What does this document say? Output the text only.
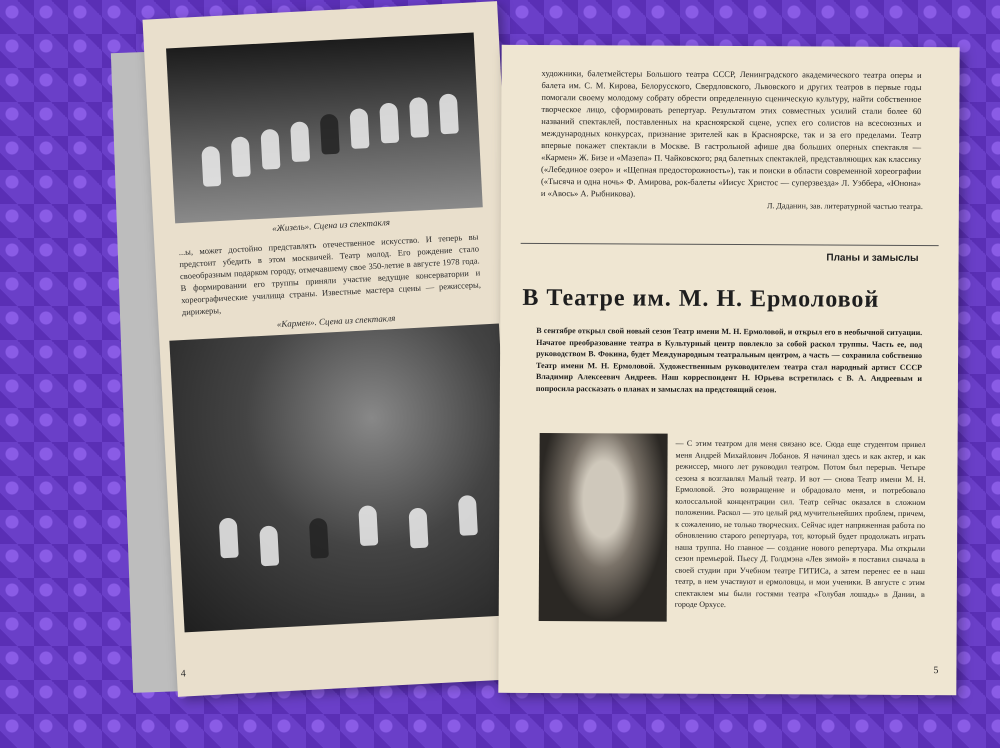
«Жизель». Сцена из спектакля
...ы, может достойно представлять отечественное искусство. И теперь вы предстоит убедить в этом москвичей. Театр молод. Его рождение стало своеобразным подарком городу, отмечавшему свое 350-летие в августе 1978 года. В формировании его труппы приняли участие ведущие консерватории и хореографические училища страны. Известные мастера сцены — режиссеры, дирижеры,
«Кармен». Сцена из спектакля
4
художники, балетмейстеры Большого театра СССР, Ленинградского академического театра оперы и балета им. С. М. Кирова, Белорусского, Свердловского, Львовского и других театров в первые годы помогали своему молодому собрату обрести определенную сценическую культуру, найти собственное творческое лицо, сформировать репертуар. Результатом этих совместных усилий стали более 60 названий спектаклей, поставленных на красноярской сцене, успех его солистов на всесоюзных и международных конкурсах, признание зрителей как в Красноярске, так и за его пределами. Театр впервые покажет спектакли в Москве. В гастрольной афише два больших оперных спектакля — «Кармен» Ж. Бизе и «Мазепа» П. Чайковского; ряд балетных спектаклей, представляющих как классику («Лебединое озеро» и «Щепная предосторожность»), так и поиски в области современной хореографии («Тысяча и одна ночь» Ф. Амирова, рок-балеты «Иисус Христос — суперзвезда» Л. Уэббера, «Юнона» и «Авось» А. Рыбникова).
Л. Даданин, зав. литературной частью театра.
Планы и замыслы
В Театре им. М. Н. Ермоловой
В сентябре открыл свой новый сезон Театр имени М. Н. Ермоловой, и открыл его в необычной ситуации. Начатое преобразование театра в Культурный центр повлекло за собой раскол труппы. Часть ее, под руководством В. Фокина, будет Международным театральным центром, а часть — сохранила собственно Театр имени М. Н. Ермоловой. Художественным руководителем театра стал народный артист СССР Владимир Алексеевич Андреев. Наш корреспондент Н. Юрьева встретилась с В. А. Андреевым и попросила рассказать о планах и замыслах на предстоящий сезон.
— С этим театром для меня связано все. Сюда еще студентом привел меня Андрей Михайлович Лобанов. Я начинал здесь и как актер, и как режиссер, много лет руководил театром. Потом был перерыв. Четыре сезона я возглавлял Малый театр. И вот — снова Театр имени М. Н. Ермоловой. Это возвращение и обрадовало меня, и потребовало колоссальной концентрации сил. Театр сейчас оказался в сложном положении. Раскол — это целый ряд мучительнейших проблем, причем, к сожалению, не только творческих. Сейчас идет напряженная работа по обновлению старого репертуара, тот, который будет продолжать играть наша труппа. Но главное — создание нового репертуара. Мы открыли сезон премьерой. Пьесу Д. Голдмэна «Лев зимой» я поставил сначала в своей студии при Учебном театре ГИТИСа, а затем перенес ее в наш театр, в нем участвуют и ермоловцы, и мои ученики. В августе с этим спектаклем мы были гостями театра «Голубая лошадь» в Дании, в городе Орхусе.
5
